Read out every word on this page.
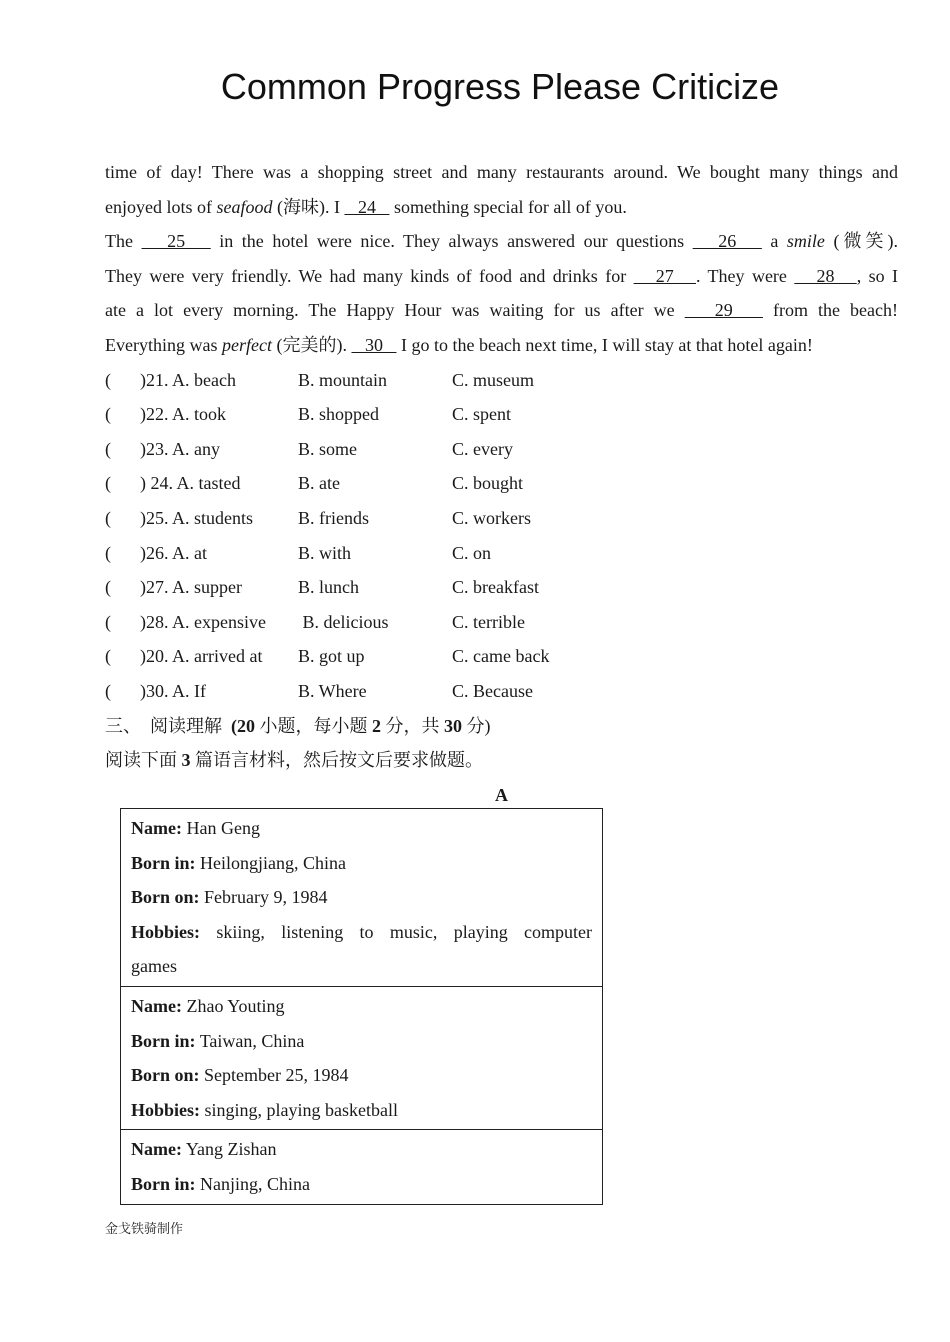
Common Progress Please Criticize
time of day! There was a shopping street and many restaurants around. We bought many things and
enjoyed lots of seafood (海味). I    24    something special for all of you.
The    25    in the hotel were nice. They always answered our questions    26    a smile (微笑).
They were very friendly. We had many kinds of food and drinks for    27   . They were    28   , so I
ate a lot every morning. The Happy Hour was waiting for us after we    29    from the beach!
Everything was perfect (完美的).    30    I go to the beach next time, I will stay at that hotel again!
(	)21. A. beach	B. mountain	C. museum
(	)22. A. took	B. shopped	C. spent
(	)23. A. any	B. some	C. every
(	) 24. A. tasted	B. ate	C. bought
(	)25. A. students	B. friends	C. workers
(	)26. A. at	B. with	C. on
(	)27. A. supper	B. lunch	C. breakfast
(	)28. A. expensive	B. delicious	C. terrible
(	)20. A. arrived at	B. got up	C. came back
(	)30. A. If	B. Where	C. Because
三、  阅读理解  (20 小题，每小题 2 分，共 30 分)
阅读下面 3 篇语言材料，然后按文后要求做题。
A
Name: Han Geng
Born in: Heilongjiang, China
Born on: February 9, 1984
Hobbies: skiing, listening to music, playing computer
games
Name: Zhao Youting
Born in: Taiwan, China
Born on: September 25, 1984
Hobbies: singing, playing basketball
Name: Yang Zishan
Born in: Nanjing, China
金戈铁骑制作
